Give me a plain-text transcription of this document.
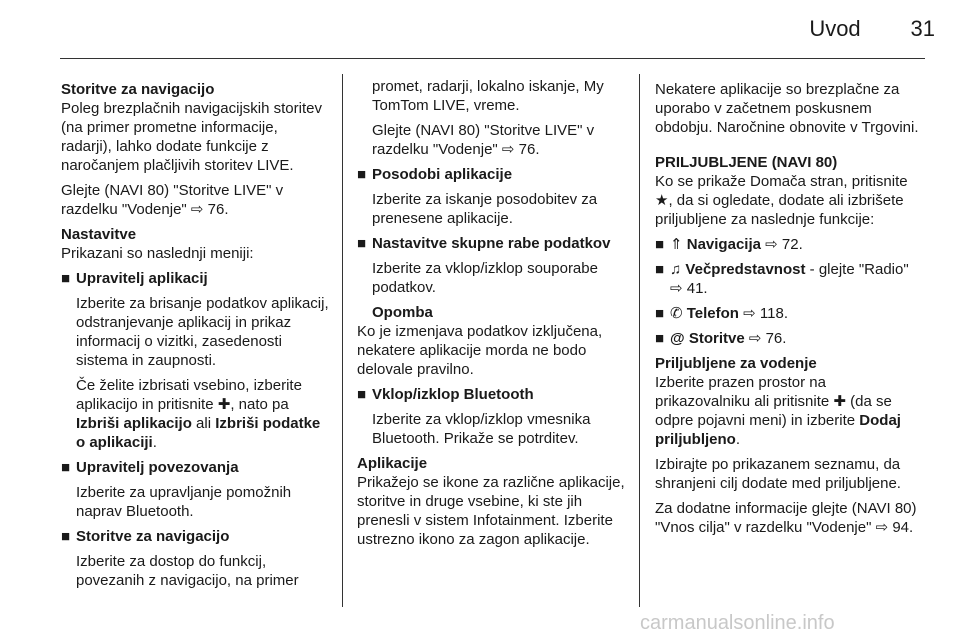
Uvod	31

Storitve za navigacijo

Poleg brezplačnih navigacijskih storitev (na primer prometne informacije, radarji), lahko dodate funkcije z naročanjem plačljivih storitev LIVE.

Glejte (NAVI 80) "Storitve LIVE" v razdelku "Vodenje" ⇨ 76.

Nastavitve

Prikazani so naslednji meniji:

■ Upravitelj aplikacij
Izberite za brisanje podatkov aplikacij, odstranjevanje aplikacij in prikaz informacij o vizitki, zasedenosti sistema in zaupnosti.

Če želite izbrisati vsebino, izberite aplikacijo in pritisnite ✚, nato pa Izbriši aplikacijo ali Izbriši podatke o aplikaciji.

■ Upravitelj povezovanja
Izberite za upravljanje pomožnih naprav Bluetooth.
■ Storitve za navigacijo
Izberite za dostop do funkcij, povezanih z navigacijo, na primer

promet, radarji, lokalno iskanje, My TomTom LIVE, vreme.

Glejte (NAVI 80) "Storitve LIVE" v razdelku "Vodenje" ⇨ 76.

■ Posodobi aplikacije
Izberite za iskanje posodobitev za prenesene aplikacije.
■ Nastavitve skupne rabe podatkov
Izberite za vklop/izklop souporabe podatkov.

Opomba

Ko je izmenjava podatkov izključena, nekatere aplikacije morda ne bodo delovale pravilno.

■ Vklop/izklop Bluetooth
Izberite za vklop/izklop vmesnika Bluetooth. Prikaže se potrditev.

Aplikacije

Prikažejo se ikone za različne aplikacije, storitve in druge vsebine, ki ste jih prenesli v sistem Infotainment. Izberite ustrezno ikono za zagon aplikacije.

Nekatere aplikacije so brezplačne za uporabo v začetnem poskusnem obdobju. Naročnine obnovite v Trgovini.

PRILJUBLJENE (NAVI 80)

Ko se prikaže Domača stran, pritisnite ★, da si ogledate, dodate ali izbrišete priljubljene za naslednje funkcije:

■ ⇑ Navigacija ⇨ 72.
■ ♫ Večpredstavnost - glejte "Radio" ⇨ 41.
■ ✆ Telefon ⇨ 118.
■ @ Storitve ⇨ 76.

Priljubljene za vodenje

Izberite prazen prostor na prikazovalniku ali pritisnite ✚ (da se odpre pojavni meni) in izberite Dodaj priljubljeno.

Izbirajte po prikazanem seznamu, da shranjeni cilj dodate med priljubljene.

Za dodatne informacije glejte (NAVI 80) "Vnos cilja" v razdelku "Vodenje" ⇨ 94.

carmanualsonline.info
